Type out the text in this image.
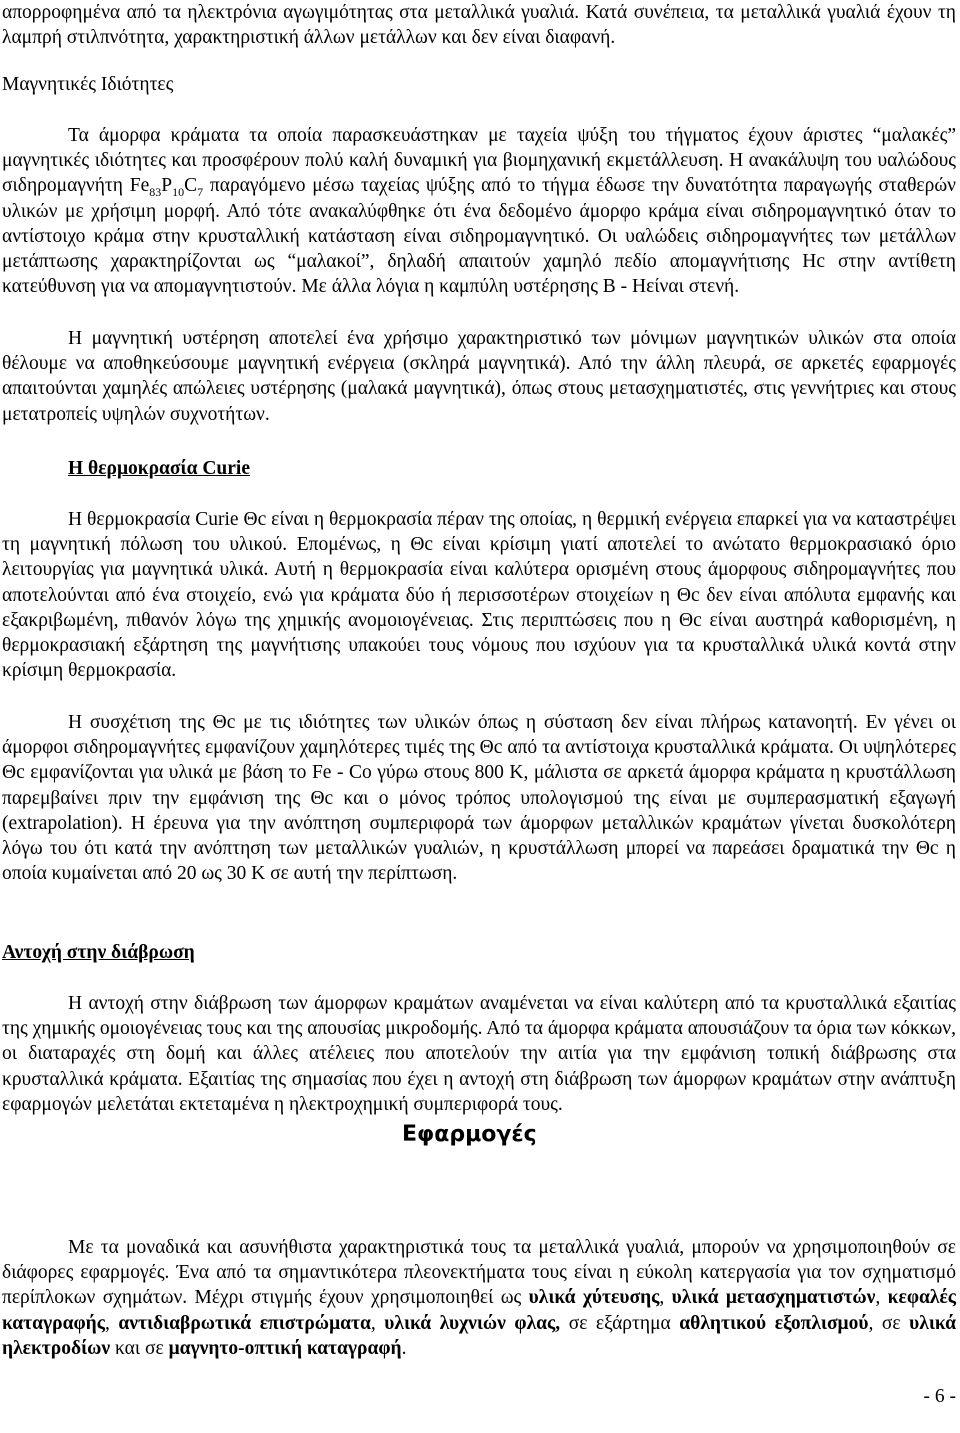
απορροφημένα από τα ηλεκτρόνια αγωγιμότητας στα μεταλλικά γυαλιά. Κατά συνέπεια, τα μεταλλικά γυαλιά έχουν τη λαμπρή στιλπνότητα, χαρακτηριστική άλλων μετάλλων και δεν είναι διαφανή.

Μαγνητικές Ιδιότητες

Τα άμορφα κράματα τα οποία παρασκευάστηκαν με ταχεία ψύξη του τήγματος έχουν άριστες “μαλακές” μαγνητικές ιδιότητες και προσφέρουν πολύ καλή δυναμική για βιομηχανική εκμετάλλευση. Η ανακάλυψη του υαλώδους σιδηρομαγνήτη $Fe_{83}P_{10}C_7$ παραγόμενο μέσω ταχείας ψύξης από το τήγμα έδωσε την δυνατότητα παραγωγής σταθερών υλικών με χρήσιμη μορφή. Από τότε ανακαλύφθηκε ότι ένα δεδομένο άμορφο κράμα είναι σιδηρομαγνητικό όταν το αντίστοιχο κράμα στην κρυσταλλική κατάσταση είναι σιδηρομαγνητικό. Οι υαλώδεις σιδηρομαγνήτες των μετάλλων μετάπτωσης χαρακτηρίζονται ως “μαλακοί”, δηλαδή απαιτούν χαμηλό πεδίο απομαγνήτισης Hc στην αντίθετη κατεύθυνση για να απομαγνητιστούν. Με άλλα λόγια η καμπύλη υστέρησης B - Hείναι στενή.

Η μαγνητική υστέρηση αποτελεί ένα χρήσιμο χαρακτηριστικό των μόνιμων μαγνητικών υλικών στα οποία θέλουμε να αποθηκεύσουμε μαγνητική ενέργεια (σκληρά μαγνητικά). Από την άλλη πλευρά, σε αρκετές εφαρμογές απαιτούνται χαμηλές απώλειες υστέρησης (μαλακά μαγνητικά), όπως στους μετασχηματιστές, στις γεννήτριες και στους μετατροπείς υψηλών συχνοτήτων.

Η θερμοκρασία Curie

Η θερμοκρασία Curie Θc είναι η θερμοκρασία πέραν της οποίας, η θερμική ενέργεια επαρκεί για να καταστρέψει τη μαγνητική πόλωση του υλικού. Επομένως, η Θc είναι κρίσιμη γιατί αποτελεί το ανώτατο θερμοκρασιακό όριο λειτουργίας για μαγνητικά υλικά. Αυτή η θερμοκρασία είναι καλύτερα ορισμένη στους άμορφους σιδηρομαγνήτες που αποτελούνται από ένα στοιχείο, ενώ για κράματα δύο ή περισσοτέρων στοιχείων η Θc δεν είναι απόλυτα εμφανής και εξακριβωμένη, πιθανόν λόγω της χημικής ανομοιογένειας. Στις περιπτώσεις που η Θc είναι αυστηρά καθορισμένη, η θερμοκρασιακή εξάρτηση της μαγνήτισης υπακούει τους νόμους που ισχύουν για τα κρυσταλλικά υλικά κοντά στην κρίσιμη θερμοκρασία.

Η συσχέτιση της Θc με τις ιδιότητες των υλικών όπως η σύσταση δεν είναι πλήρως κατανοητή. Εν γένει οι άμορφοι σιδηρομαγνήτες εμφανίζουν χαμηλότερες τιμές της Θc από τα αντίστοιχα κρυσταλλικά κράματα. Οι υψηλότερες Θc εμφανίζονται για υλικά με βάση το Fe - Co γύρω στους 800 K, μάλιστα σε αρκετά άμορφα κράματα η κρυστάλλωση παρεμβαίνει πριν την εμφάνιση της Θc και ο μόνος τρόπος υπολογισμού της είναι με συμπερασματική εξαγωγή (extrapolation). Η έρευνα για την ανόπτηση συμπεριφορά των άμορφων μεταλλικών κραμάτων γίνεται δυσκολότερη λόγω του ότι κατά την ανόπτηση των μεταλλικών γυαλιών, η κρυστάλλωση μπορεί να παρεάσει δραματικά την Θc η οποία κυμαίνεται από 20 ως 30 K σε αυτή την περίπτωση.

Αντοχή στην διάβρωση

Η αντοχή στην διάβρωση των άμορφων κραμάτων αναμένεται να είναι καλύτερη από τα κρυσταλλικά εξαιτίας της χημικής ομοιογένειας τους και της απουσίας μικροδομής. Από τα άμορφα κράματα απουσιάζουν τα όρια των κόκκων, οι διαταραχές στη δομή και άλλες ατέλειες που αποτελούν την αιτία για την εμφάνιση τοπική διάβρωσης στα κρυσταλλικά κράματα. Εξαιτίας της σημασίας που έχει η αντοχή στη διάβρωση των άμορφων κραμάτων στην ανάπτυξη εφαρμογών μελετάται εκτεταμένα η ηλεκτροχημική συμπεριφορά τους.

Εφαρμογές

Με τα μοναδικά και ασυνήθιστα χαρακτηριστικά τους τα μεταλλικά γυαλιά, μπορούν να χρησιμοποιηθούν σε διάφορες εφαρμογές. Ένα από τα σημαντικότερα πλεονεκτήματα τους είναι η εύκολη κατεργασία για τον σχηματισμό περίπλοκων σχημάτων. Μέχρι στιγμής έχουν χρησιμοποιηθεί ως υλικά χύτευσης, υλικά μετασχηματιστών, κεφαλές καταγραφής, αντιδιαβρωτικά επιστρώματα, υλικά λυχνιών φλας, σε εξάρτημα αθλητικού εξοπλισμού, σε υλικά ηλεκτροδίων και σε μαγνητο-οπτική καταγραφή.

- 6 -
